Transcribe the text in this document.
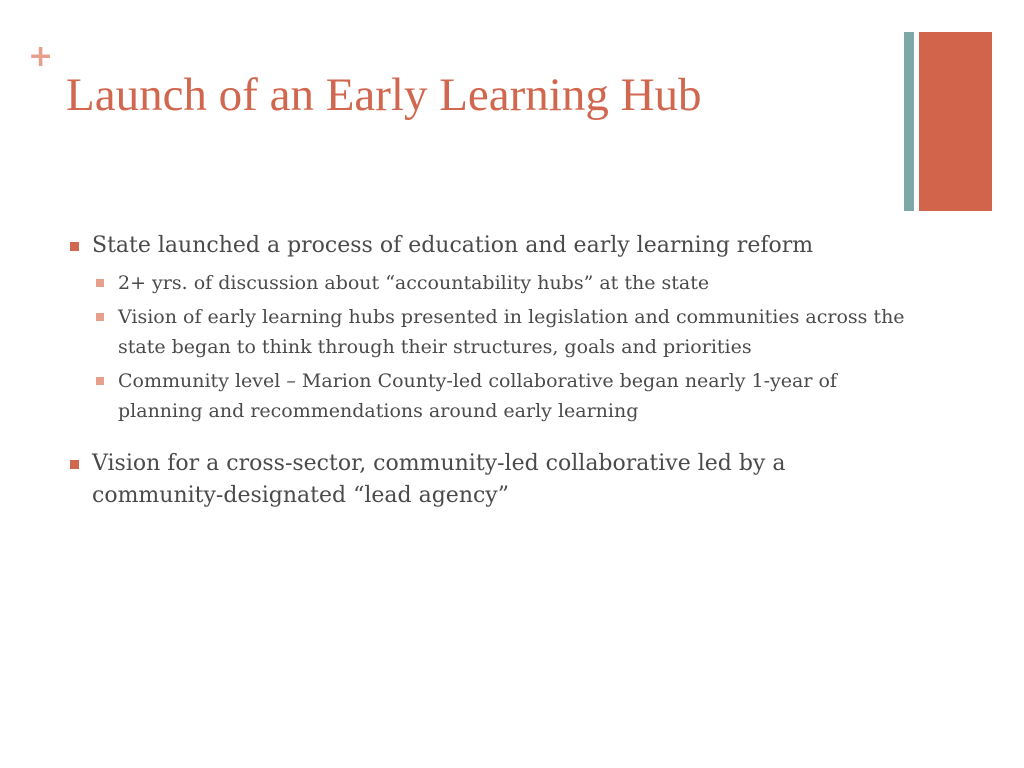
+
Launch of an Early Learning Hub
State launched a process of education and early learning reform
2+ yrs. of discussion about “accountability hubs” at the state
Vision of early learning hubs presented in legislation and communities across the state began to think through their structures, goals and priorities
Community level – Marion County-led collaborative began nearly 1-year of planning and recommendations around early learning
Vision for a cross-sector, community-led collaborative led by a community-designated “lead agency”
